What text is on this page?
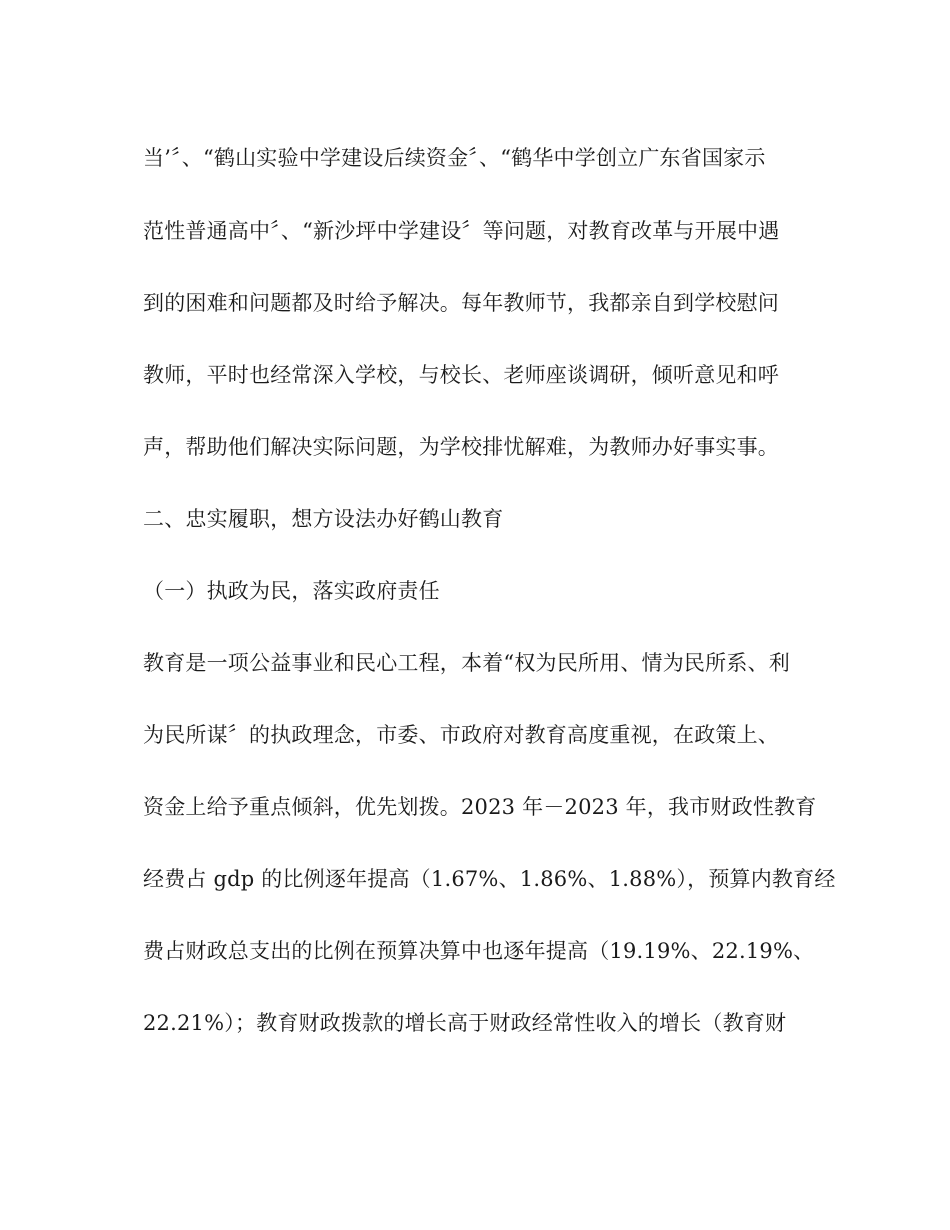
当’〞、“鹤山实验中学建设后续资金〞、“鹤华中学创立广东省国家示
范性普通高中〞、“新沙坪中学建设〞等问题，对教育改革与开展中遇
到的困难和问题都及时给予解决。每年教师节，我都亲自到学校慰问
教师，平时也经常深入学校，与校长、老师座谈调研，倾听意见和呼
声，帮助他们解决实际问题，为学校排忧解难，为教师办好事实事。
二、忠实履职，想方设法办好鹤山教育
（一）执政为民，落实政府责任
教育是一项公益事业和民心工程，本着“权为民所用、情为民所系、利
为民所谋〞的执政理念，市委、市政府对教育高度重视，在政策上、
资金上给予重点倾斜，优先划拨。2023 年－2023 年，我市财政性教育
经费占 gdp 的比例逐年提高（1.67%、1.86%、1.88%），预算内教育经
费占财政总支出的比例在预算决算中也逐年提高（19.19%、22.19%、
22.21%）；教育财政拨款的增长高于财政经常性收入的增长（教育财
